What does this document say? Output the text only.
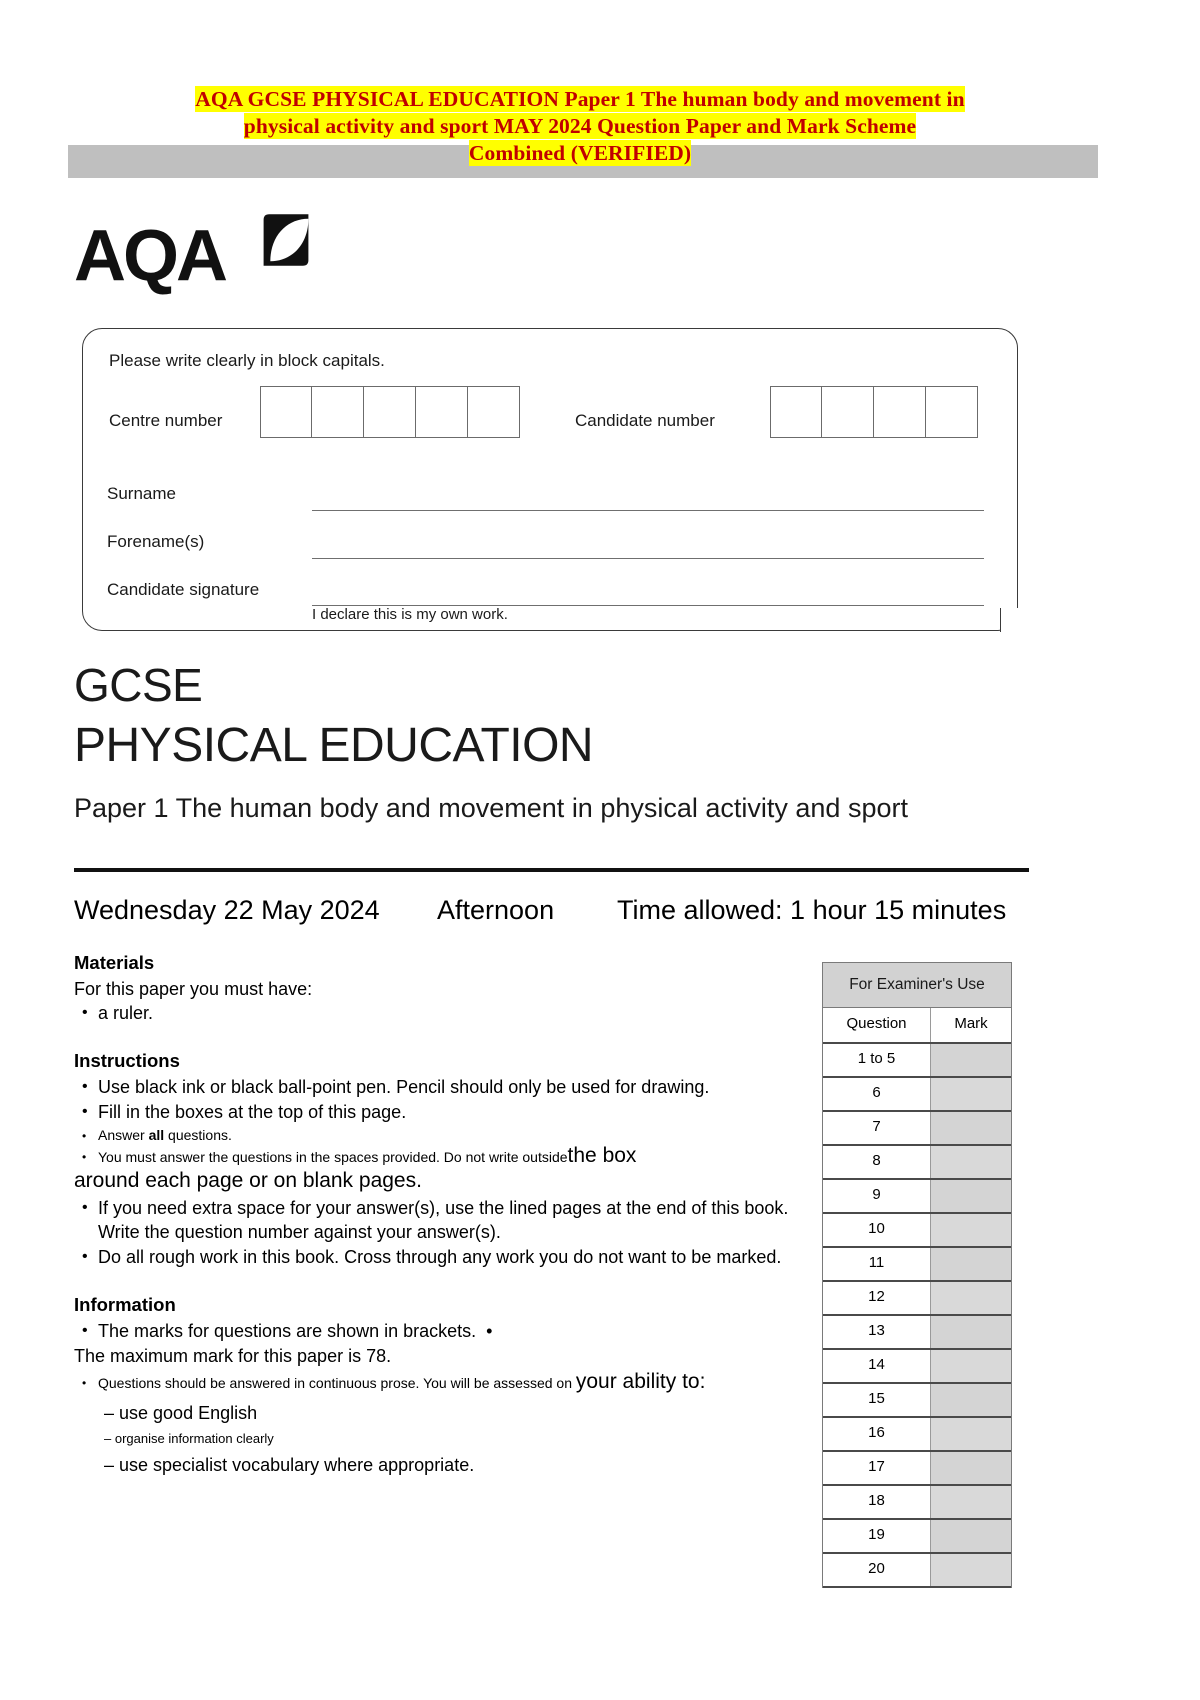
AQA GCSE PHYSICAL EDUCATION Paper 1 The human body and movement in
physical activity and sport MAY 2024 Question Paper and Mark Scheme
Combined (VERIFIED)
AQA
Please write clearly in block capitals.
Centre number	Candidate number
Surname
Forename(s)
Candidate signature
I declare this is my own work.
GCSE
PHYSICAL EDUCATION
Paper 1 The human body and movement in physical activity and sport
Wednesday 22 May 2024 Afternoon Time allowed: 1 hour 15 minutes
Materials

For this paper you must have:

• a ruler.
Instructions
• Use black ink or black ball-point pen. Pencil should only be used for drawing.
• Fill in the boxes at the top of this page.
• Answer all questions.
• You must answer the questions in the spaces provided. Do not write outsidethe box

around each page or on blank pages.

• If you need extra space for your answer(s), use the lined pages at the end of this book. Write the question number against your answer(s).
• Do all rough work in this book. Cross through any work you do not want to be marked.
Information
• The marks for questions are shown in brackets.  •

The maximum mark for this paper is 78.

• Questions should be answered in continuous prose. You will be assessed on your ability to:

– use good English

– organise information clearly

– use specialist vocabulary where appropriate.

For Examiner's Use
Question	Mark
1 to 5
6
7
8
9
10
11
12
13
14
15
16
17
18
19
20
